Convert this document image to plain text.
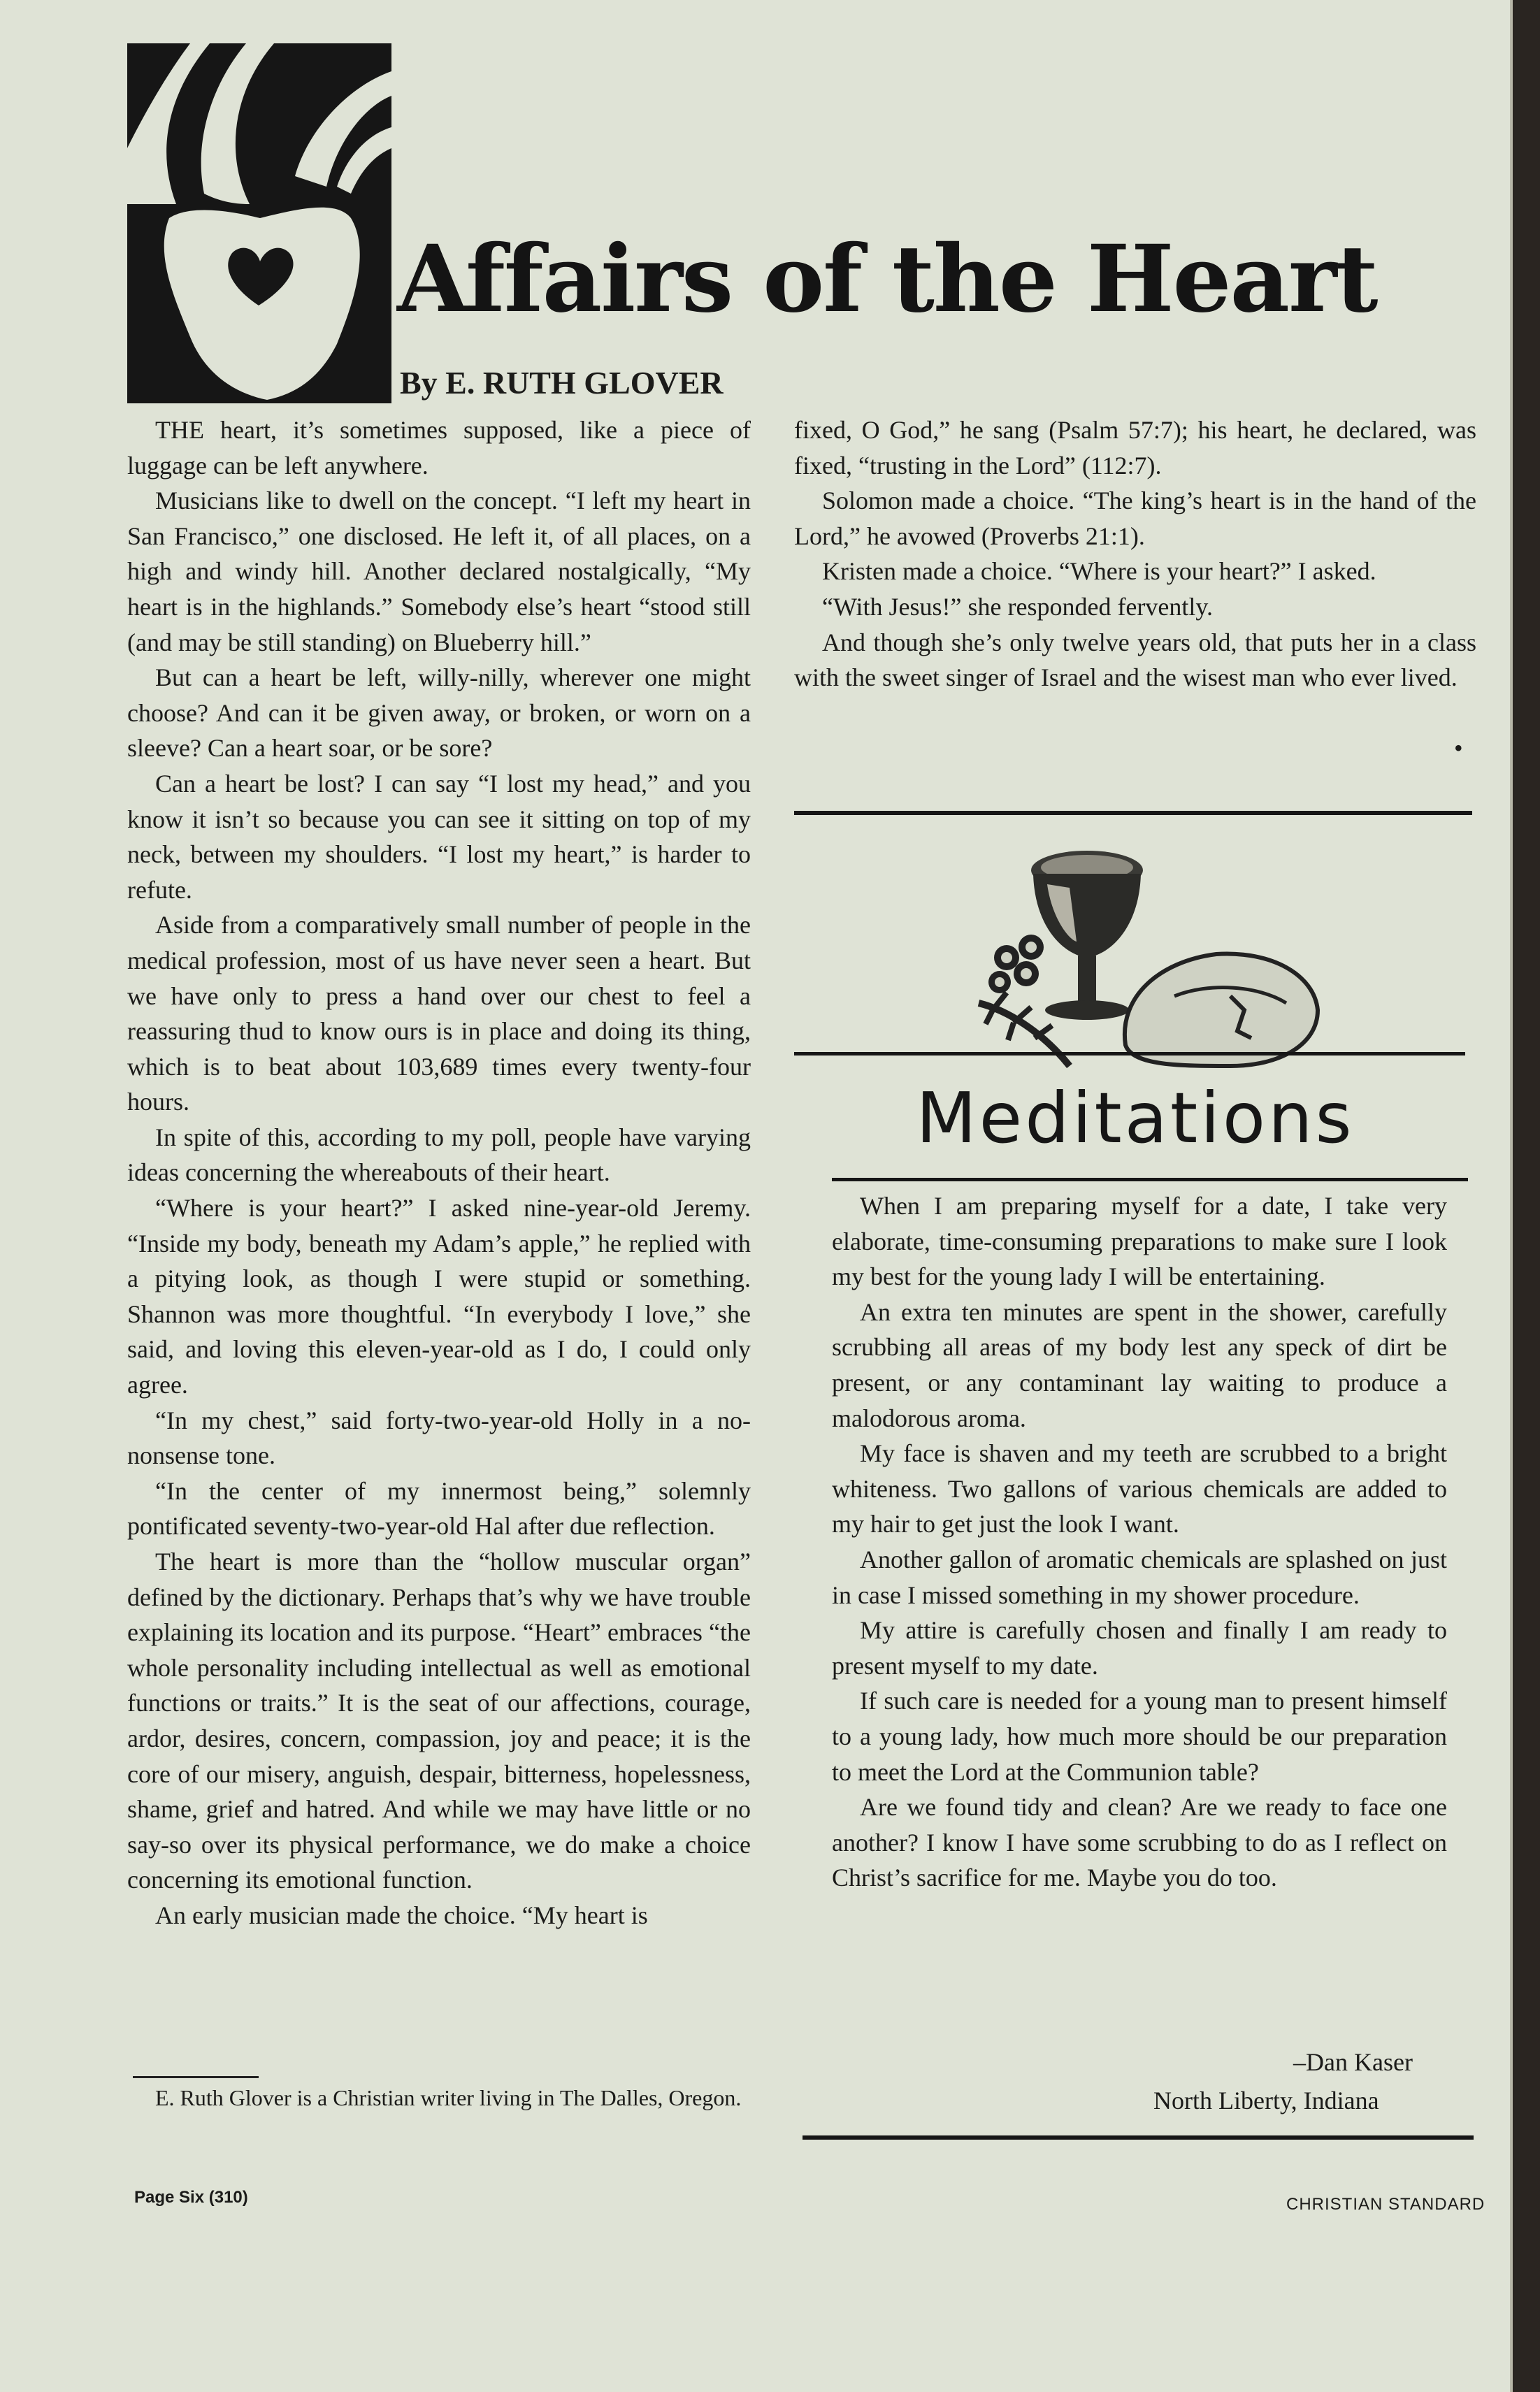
Affairs of the Heart
By E. RUTH GLOVER

THE heart, it’s sometimes supposed, like a piece of luggage can be left anywhere.

Musicians like to dwell on the concept. “I left my heart in San Francisco,” one disclosed. He left it, of all places, on a high and windy hill. Another declared nostalgically, “My heart is in the highlands.” Somebody else’s heart “stood still (and may be still standing) on Blueberry hill.”

But can a heart be left, willy-nilly, wherever one might choose? And can it be given away, or broken, or worn on a sleeve? Can a heart soar, or be sore?

Can a heart be lost? I can say “I lost my head,” and you know it isn’t so because you can see it sitting on top of my neck, between my shoulders. “I lost my heart,” is harder to refute.

Aside from a comparatively small number of people in the medical profession, most of us have never seen a heart. But we have only to press a hand over our chest to feel a reassuring thud to know ours is in place and doing its thing, which is to beat about 103,689 times every twenty-four hours.

In spite of this, according to my poll, people have varying ideas concerning the whereabouts of their heart.

“Where is your heart?” I asked nine-year-old Jeremy. “Inside my body, beneath my Adam’s apple,” he replied with a pitying look, as though I were stupid or something. Shannon was more thoughtful. “In everybody I love,” she said, and loving this eleven-year-old as I do, I could only agree.

“In my chest,” said forty-two-year-old Holly in a no-nonsense tone.

“In the center of my innermost being,” solemnly pontificated seventy-two-year-old Hal after due reflection.

The heart is more than the “hollow muscular organ” defined by the dictionary. Perhaps that’s why we have trouble explaining its location and its purpose. “Heart” embraces “the whole personality including intellectual as well as emotional functions or traits.” It is the seat of our affections, courage, ardor, desires, concern, compassion, joy and peace; it is the core of our misery, anguish, despair, bitterness, hopelessness, shame, grief and hatred. And while we may have little or no say-so over its physical performance, we do make a choice concerning its emotional function.

An early musician made the choice. “My heart is

E. Ruth Glover is a Christian writer living in The Dalles, Oregon.

fixed, O God,” he sang (Psalm 57:7); his heart, he declared, was fixed, “trusting in the Lord” (112:7).

Solomon made a choice. “The king’s heart is in the hand of the Lord,” he avowed (Proverbs 21:1).

Kristen made a choice. “Where is your heart?” I asked.

“With Jesus!” she responded fervently.

And though she’s only twelve years old, that puts her in a class with the sweet singer of Israel and the wisest man who ever lived.

•
Meditations

When I am preparing myself for a date, I take very elaborate, time-consuming preparations to make sure I look my best for the young lady I will be entertaining.

An extra ten minutes are spent in the shower, carefully scrubbing all areas of my body lest any speck of dirt be present, or any contaminant lay waiting to produce a malodorous aroma.

My face is shaven and my teeth are scrubbed to a bright whiteness. Two gallons of various chemicals are added to my hair to get just the look I want.

Another gallon of aromatic chemicals are splashed on just in case I missed something in my shower procedure.

My attire is carefully chosen and finally I am ready to present myself to my date.

If such care is needed for a young man to present himself to a young lady, how much more should be our preparation to meet the Lord at the Communion table?

Are we found tidy and clean? Are we ready to face one another? I know I have some scrubbing to do as I reflect on Christ’s sacrifice for me. Maybe you do too.

–Dan Kaser
North Liberty, Indiana
Page Six (310)	CHRISTIAN STANDARD
